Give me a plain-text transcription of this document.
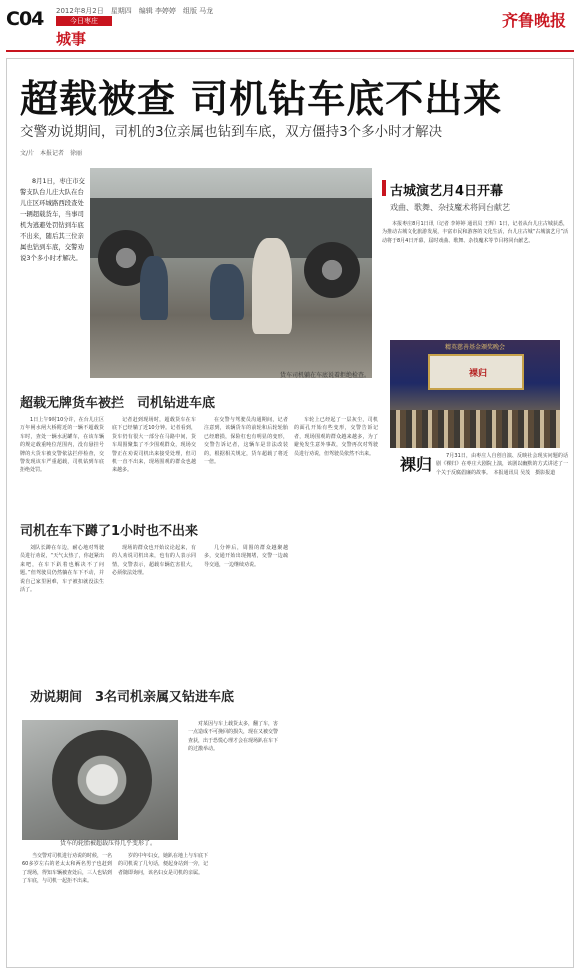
C04 2012年8月2日　星期四　编辑 李婷婷　组版 马龙
今日枣庄
城事
齐鲁晚报
超载被查 司机钻车底不出来
交警劝说期间，司机的3位亲属也钻到车底，双方僵持3个多小时才解决
文/片　本报记者　徐丽
8月1日，枣庄市交警支队台儿庄大队在台儿庄区环城路西段查处一辆超载货车，当事司机为逃避处罚钻到车底不出来，随后其三位亲属也钻到车底，交警劝说3个多小时才解决。
货车司机躺在车底说着拒绝检查。
古城演艺月4日开幕
戏曲、歌舞、杂技魔术将同台献艺
本报枣庄8月1日讯（记者 李婷婷 通讯员 王辉）1日，记者从台儿庄古城获悉，为推动古城文化旅游发展，丰富市民和游客的文化生活，台儿庄古城“古城演艺月”活动将于8月4日开幕，届时戏曲、歌舞、杂技魔术等节目将同台献艺。
精英慈善基金颁奖晚会
裸归
裸归	7月31日，由枣庄人自创自演、反映社会现实问题的话剧《裸归》在枣庄大剧院上演，该剧以幽默的方式讲述了一个关于反腐倡廉的故事。　本报通讯员 吴茂　摄影报道
超载无牌货车被拦　司机钻进车底
1日上午9时10分许，在台儿庄区万年闸水闸大桥附近的一辆不超载货车时，查处一辆水泥罐车，在该车辆的规定载重吨位范围内，没有悬挂号牌的大货车被交警依法拦停检查，交警发现该车严重超载，司机钻到车底拒绝处罚。
记者赶到现场时，超载货车在车底下已经躺了近10分钟。记者看到，货车仍有很大一部分在马路中间，货车周围聚集了不少围观群众，现场交警正在劝说司机出来接受处理，但司机一直不出来，现场围观的群众也越来越多。
在交警与驾驶员沟通期间，记者注意到，该辆货车的前轮和后轮轮胎已经磨损，保险杠也有明显的变形，交警告诉记者，这辆车是非法改装的，根据相关规定，货车超载了将近一倍。
车轮上已经起了一层灰尘，司机的面孔开始有些变形，交警告诉记者，现场围观的群众越来越多，为了避免发生意外事故，交警再次对驾驶员进行劝说，但驾驶员依然不出来。
司机在车下蹲了1小时也不出来
刘队长蹲在车边，耐心地对驾驶员进行劝说，“天气太热了，你赶紧出来吧，在车下趴着也解决不了问题。”但驾驶员仍然躺在车下不动，并说自己家里困难，车子被扣就没法生活了。
现场的群众也开始议论起来，有的人劝说司机出来，也有的人表示同情，交警表示，超载车辆危害很大，必须依法处理。
几分钟后，周围的群众越聚越多，交通开始出现拥堵，交警一边疏导交通，一边继续劝说。
劝说期间　3名司机亲属又钻进车底
货车的轮胎被超载压得几乎变形了。
当交警对司机进行劝说的时候，一名60多岁左右的老太太和两名男子也赶到了现场，得知车辆被查处后，三人也钻到了车底，与司机一起拒不出来。
岁的中年妇女，她趴在地上与车底下的司机说了几句话，便起身站到一旁，记者随即询问，该名妇女是司机的亲属。
对某因与车上载货太多，翻了车，害一点造成不可挽回的损失，现在又被交警查获，出于恐慌心理才会在现场趴在车下的过激举动。
